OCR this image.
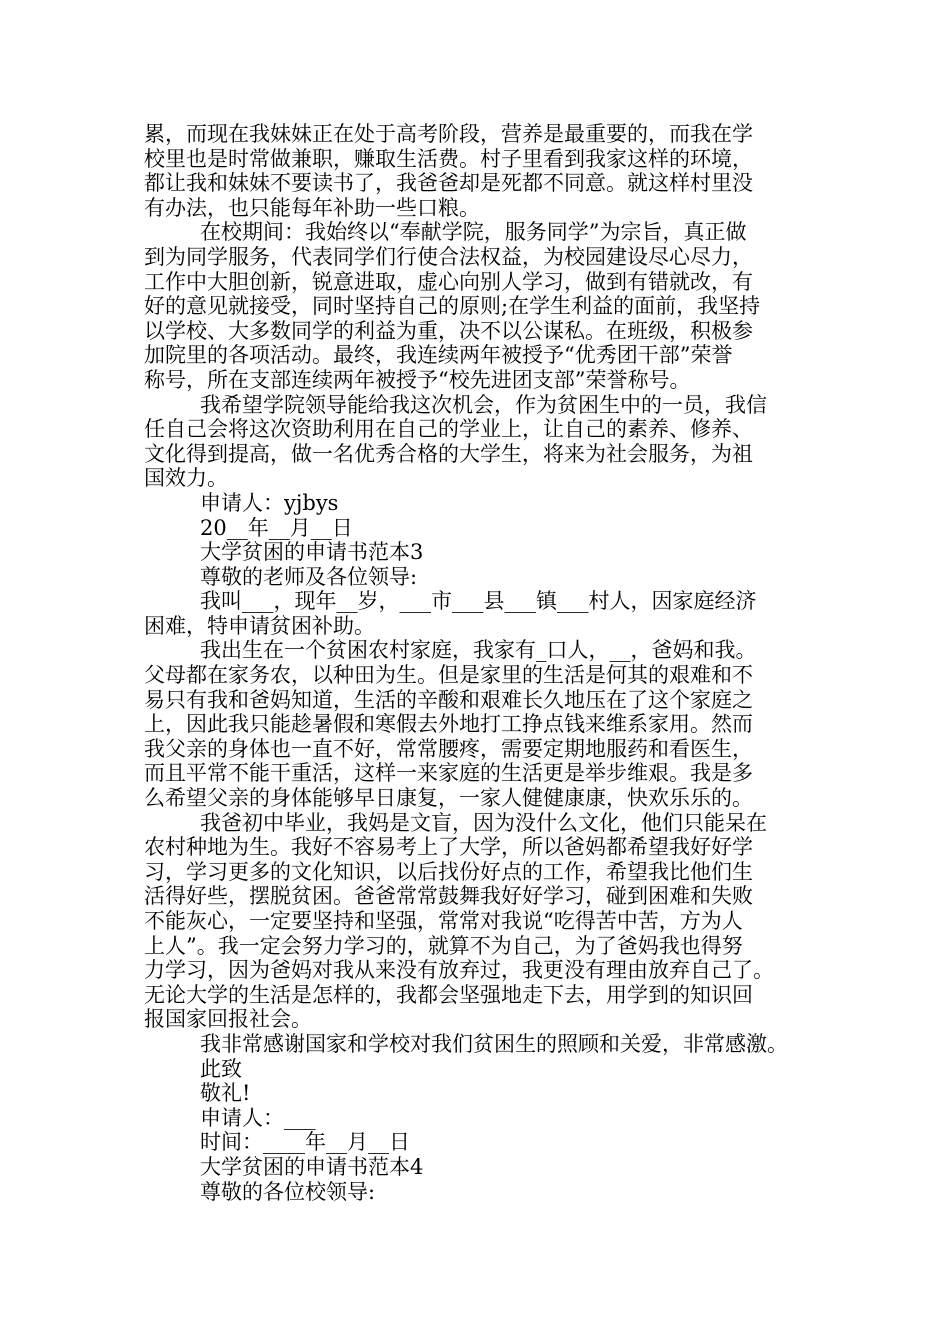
累，而现在我妹妹正在处于高考阶段，营养是最重要的，而我在学
校里也是时常做兼职，赚取生活费。村子里看到我家这样的环境，
都让我和妹妹不要读书了，我爸爸却是死都不同意。就这样村里没
有办法，也只能每年补助一些口粮。
在校期间：我始终以“奉献学院，服务同学”为宗旨，真正做
到为同学服务，代表同学们行使合法权益，为校园建设尽心尽力，
工作中大胆创新，锐意进取，虚心向别人学习，做到有错就改，有
好的意见就接受，同时坚持自己的原则;在学生利益的面前，我坚持
以学校、大多数同学的利益为重，决不以公谋私。在班级，积极参
加院里的各项活动。最终，我连续两年被授予“优秀团干部”荣誉
称号，所在支部连续两年被授予“校先进团支部”荣誉称号。
我希望学院领导能给我这次机会，作为贫困生中的一员，我信
任自己会将这次资助利用在自己的学业上，让自己的素养、修养、
文化得到提高，做一名优秀合格的大学生，将来为社会服务，为祖
国效力。
申请人：yjbys
20__年__月__日
大学贫困的申请书范本3
尊敬的老师及各位领导:
我叫___，现年__岁，___市___县___镇___村人，因家庭经济
困难，特申请贫困补助。
我出生在一个贫困农村家庭，我家有_口人，__，爸妈和我。
父母都在家务农，以种田为生。但是家里的生活是何其的艰难和不
易只有我和爸妈知道，生活的辛酸和艰难长久地压在了这个家庭之
上，因此我只能趁暑假和寒假去外地打工挣点钱来维系家用。然而
我父亲的身体也一直不好，常常腰疼，需要定期地服药和看医生，
而且平常不能干重活，这样一来家庭的生活更是举步维艰。我是多
么希望父亲的身体能够早日康复，一家人健健康康，快欢乐乐的。
我爸初中毕业，我妈是文盲，因为没什么文化，他们只能呆在
农村种地为生。我好不容易考上了大学，所以爸妈都希望我好好学
习，学习更多的文化知识，以后找份好点的工作，希望我比他们生
活得好些，摆脱贫困。爸爸常常鼓舞我好好学习，碰到困难和失败
不能灰心，一定要坚持和坚强，常常对我说“吃得苦中苦，方为人
上人”。我一定会努力学习的，就算不为自己，为了爸妈我也得努
力学习，因为爸妈对我从来没有放弃过，我更没有理由放弃自己了。
无论大学的生活是怎样的，我都会坚强地走下去，用学到的知识回
报国家回报社会。
我非常感谢国家和学校对我们贫困生的照顾和关爱，非常感激。
此致
敬礼!
申请人：___
时间：____年__月__日
大学贫困的申请书范本4
尊敬的各位校领导:
